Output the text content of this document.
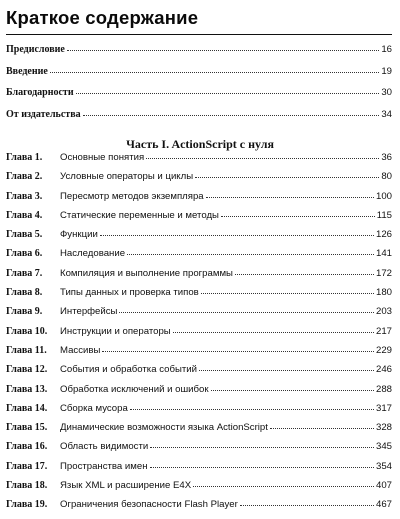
Краткое содержание
Предисловие	16
Введение	19
Благодарности	30
От издательства	34
Часть I. ActionScript с нуля
Глава 1.	Основные понятия	36
Глава 2.	Условные операторы и циклы	80
Глава 3.	Пересмотр методов экземпляра	100
Глава 4.	Статические переменные и методы	115
Глава 5.	Функции	126
Глава 6.	Наследование	141
Глава 7.	Компиляция и выполнение программы	172
Глава 8.	Типы данных и проверка типов	180
Глава 9.	Интерфейсы	203
Глава 10.	Инструкции и операторы	217
Глава 11.	Массивы	229
Глава 12.	События и обработка событий	246
Глава 13.	Обработка исключений и ошибок	288
Глава 14.	Сборка мусора	317
Глава 15.	Динамические возможности языка ActionScript	328
Глава 16.	Область видимости	345
Глава 17.	Пространства имен	354
Глава 18.	Язык XML и расширение E4X	407
Глава 19.	Ограничения безопасности Flash Player	467
